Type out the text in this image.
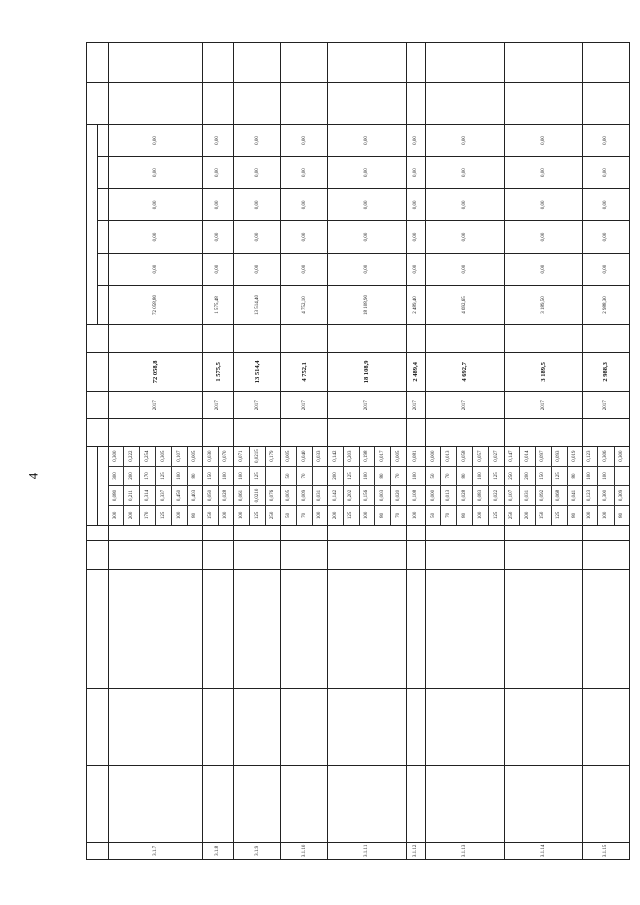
4

3.1.7						
300	0,080	300	0,300
200	0,211	200	0,222
170	0,314	170	0,254
125	0,337	125	0,305
100	0,450	100	0,107
80	0,403	80	0,005
		2017	72 058,8		72 058,80	0,00	0,00	0,00	0,00	0,00		
3.1.8						
150	0,050	150	0,030
100	0,028	100	0,070
		2017	1 575,5		1 575,48	0,00	0,00	0,00	0,00	0,00		
3.1.9						
100	0,061	100	0,071
125	0,0210	125	0,0215
250	0,076		0,179
		2017	13 514,4		13 514,40	0,00	0,00	0,00	0,00	0,00		
3.1.10						
50	0,005	50	0,005
70	0,009	70	0,040
100	0,031		0,033
		2017	4 752,1		4 752,10	0,00	0,00	0,00	0,00	0,00		
3.1.11						
200	0,142	200	0,142
125	0,202	125	0,203
100	0,156	100	0,198
80	0,003	80	0,017
70	0,020	70	0,005
		2017	18 108,9		18 108,90	0,00	0,00	0,00	0,00	0,00		
3.1.12						
100	0,108	100	0,081
		2017	2 489,4		2 489,40	0,00	0,00	0,00	0,00	0,00		
3.1.13						
50	0,000	50	0,000
70	0,013	70	0,013
80	0,028	80	0,058
100	0,083	100	0,057
125	0,022	125	0,027
		2017	4 692,7		4 692,65	0,00	0,00	0,00	0,00	0,00		
3.1.14						
250	0,107	250	0,147
200	0,031	200	0,014
150	0,092	150	0,097
125	0,068	125	0,093
80	0,041	80	0,019
		2017	3 189,5		3 189,50	0,00	0,00	0,00	0,00	0,00		
3.1.15						
100	0,123	100	0,123
100	0,300	100	0,306
80	0,309		0,300
		2017	2 988,3		2 988,30	0,00	0,00	0,00	0,00	0,00		
